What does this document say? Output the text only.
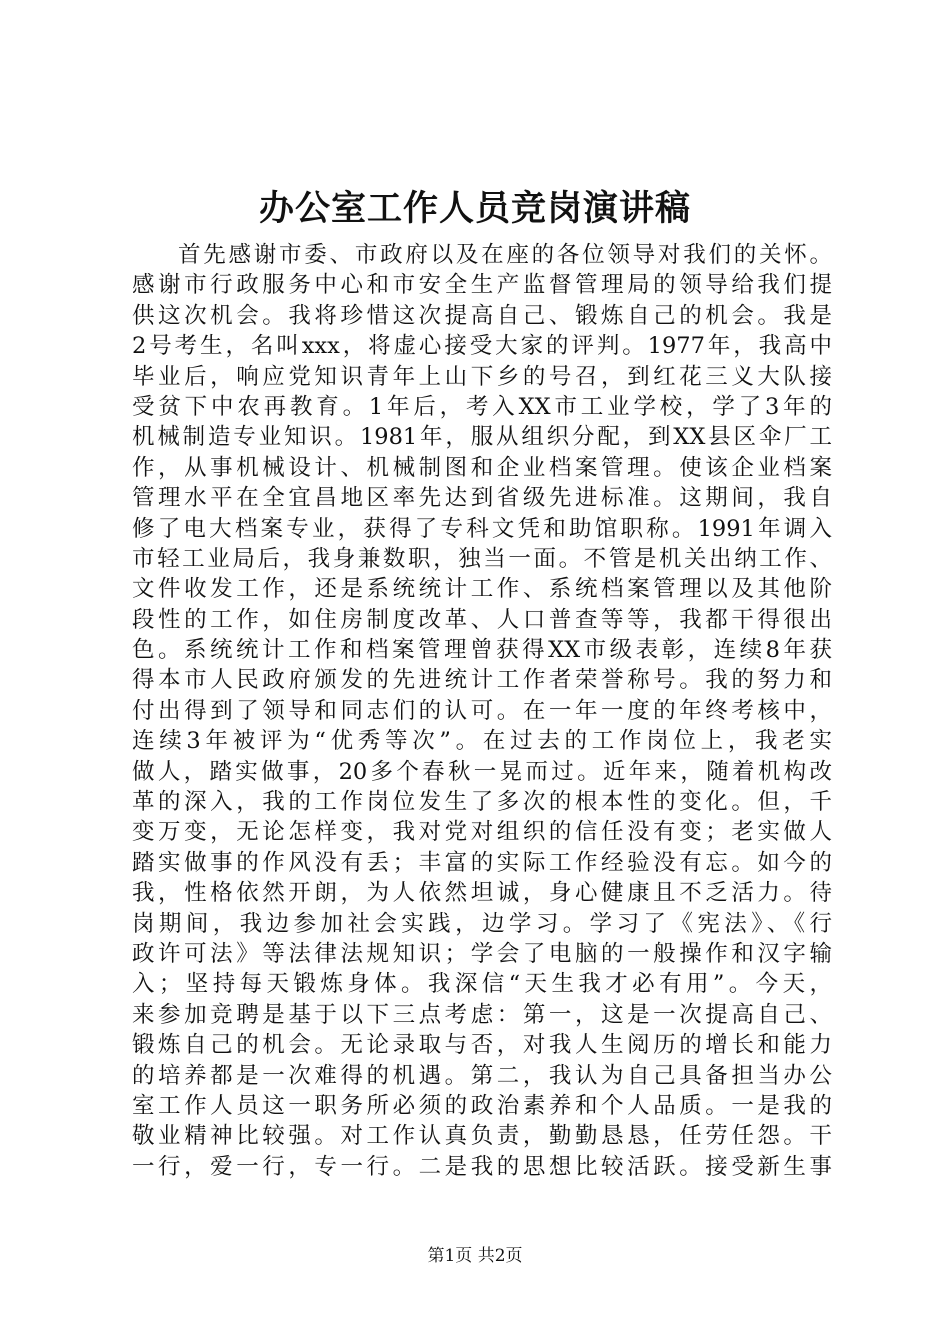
办公室工作人员竞岗演讲稿
首先感谢市委、市政府以及在座的各位领导对我们的关怀。
感谢市行政服务中心和市安全生产监督管理局的领导给我们提
供这次机会。我将珍惜这次提高自己、锻炼自己的机会。我是
2号考生，名叫xxx，将虚心接受大家的评判。1977年，我高中
毕业后，响应党知识青年上山下乡的号召，到红花三义大队接
受贫下中农再教育。1年后，考入XX市工业学校，学了3年的
机械制造专业知识。1981年，服从组织分配，到XX县区伞厂工
作，从事机械设计、机械制图和企业档案管理。使该企业档案
管理水平在全宜昌地区率先达到省级先进标准。这期间，我自
修了电大档案专业，获得了专科文凭和助馆职称。1991年调入
市轻工业局后，我身兼数职，独当一面。不管是机关出纳工作、
文件收发工作，还是系统统计工作、系统档案管理以及其他阶
段性的工作，如住房制度改革、人口普查等等，我都干得很出
色。系统统计工作和档案管理曾获得XX市级表彰，连续8年获
得本市人民政府颁发的先进统计工作者荣誉称号。我的努力和
付出得到了领导和同志们的认可。在一年一度的年终考核中，
连续3年被评为“优秀等次”。在过去的工作岗位上，我老实
做人，踏实做事，20多个春秋一晃而过。近年来，随着机构改
革的深入，我的工作岗位发生了多次的根本性的变化。但，千
变万变，无论怎样变，我对党对组织的信任没有变；老实做人
踏实做事的作风没有丢；丰富的实际工作经验没有忘。如今的
我，性格依然开朗，为人依然坦诚，身心健康且不乏活力。待
岗期间，我边参加社会实践，边学习。学习了《宪法》、《行
政许可法》等法律法规知识；学会了电脑的一般操作和汉字输
入；坚持每天锻炼身体。我深信“天生我才必有用”。今天，
来参加竞聘是基于以下三点考虑：第一，这是一次提高自己、
锻炼自己的机会。无论录取与否，对我人生阅历的增长和能力
的培养都是一次难得的机遇。第二，我认为自己具备担当办公
室工作人员这一职务所必须的政治素养和个人品质。一是我的
敬业精神比较强。对工作认真负责，勤勤恳恳，任劳任怨。干
一行，爱一行，专一行。二是我的思想比较活跃。接受新生事
第1页 共2页
